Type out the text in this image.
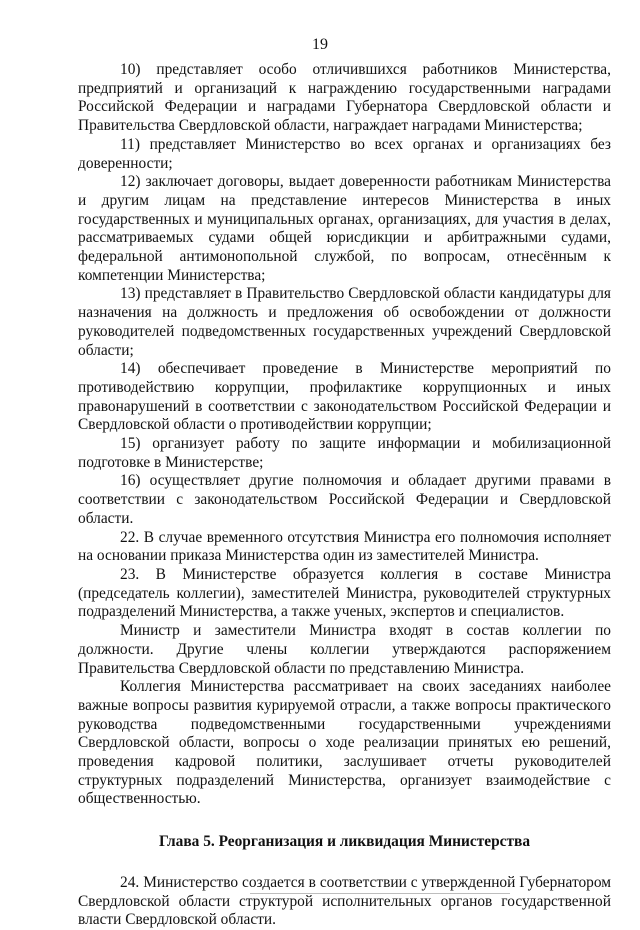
19

10) представляет особо отличившихся работников Министерства, предприятий и организаций к награждению государственными наградами Российской Федерации и наградами Губернатора Свердловской области и Правительства Свердловской области, награждает наградами Министерства;

11) представляет Министерство во всех органах и организациях без доверенности;

12) заключает договоры, выдает доверенности работникам Министерства и другим лицам на представление интересов Министерства в иных государственных и муниципальных органах, организациях, для участия в делах, рассматриваемых судами общей юрисдикции и арбитражными судами, федеральной антимонопольной службой, по вопросам, отнесённым к компетенции Министерства;

13) представляет в Правительство Свердловской области кандидатуры для назначения на должность и предложения об освобождении от должности руководителей подведомственных государственных учреждений Свердловской области;

14) обеспечивает проведение в Министерстве мероприятий по противодействию коррупции, профилактике коррупционных и иных правонарушений в соответствии с законодательством Российской Федерации и Свердловской области о противодействии коррупции;

15) организует работу по защите информации и мобилизационной подготовке в Министерстве;

16) осуществляет другие полномочия и обладает другими правами в соответствии с законодательством Российской Федерации и Свердловской области.

22. В случае временного отсутствия Министра его полномочия исполняет на основании приказа Министерства один из заместителей Министра.

23. В Министерстве образуется коллегия в составе Министра (председатель коллегии), заместителей Министра, руководителей структурных подразделений Министерства, а также ученых, экспертов и специалистов.

Министр и заместители Министра входят в состав коллегии по должности. Другие члены коллегии утверждаются распоряжением Правительства Свердловской области по представлению Министра.

Коллегия Министерства рассматривает на своих заседаниях наиболее важные вопросы развития курируемой отрасли, а также вопросы практического руководства подведомственными государственными учреждениями Свердловской области, вопросы о ходе реализации принятых ею решений, проведения кадровой политики, заслушивает отчеты руководителей структурных подразделений Министерства, организует взаимодействие с общественностью.

Глава 5. Реорганизация и ликвидация Министерства

24. Министерство создается в соответствии с утвержденной Губернатором Свердловской области структурой исполнительных органов государственной власти Свердловской области.
